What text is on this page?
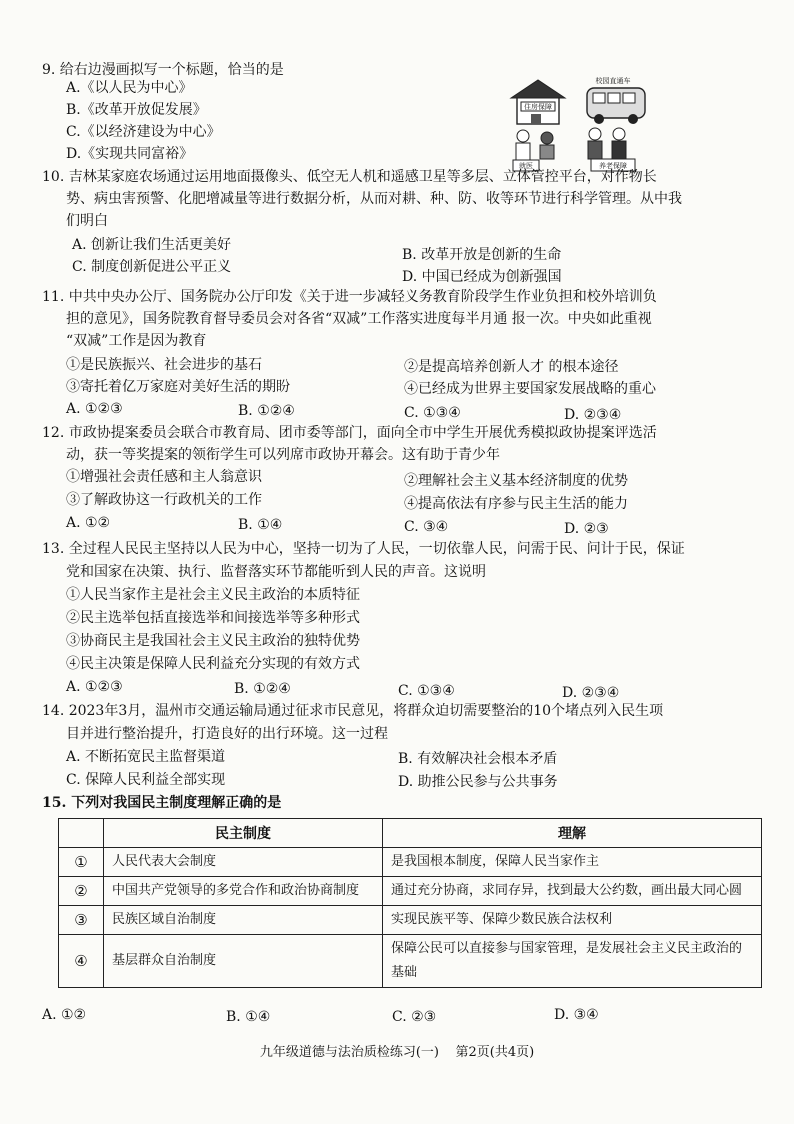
9. 给右边漫画拟写一个标题，恰当的是
A.《以人民为中心》
B.《改革开放促发展》
C.《以经济建设为中心》
D.《实现共同富裕》
住房保障
校园直通车
就医	养老保障
10. 吉林某家庭农场通过运用地面摄像头、低空无人机和遥感卫星等多层、立体管控平台，对作物长
势、病虫害预警、化肥增减量等进行数据分析，从而对耕、种、防、收等环节进行科学管理。从中我
们明白
A. 创新让我们生活更美好
B. 改革开放是创新的生命
C. 制度创新促进公平正义
D. 中国已经成为创新强国
11. 中共中央办公厅、国务院办公厅印发《关于进一步减轻义务教育阶段学生作业负担和校外培训负
担的意见》，国务院教育督导委员会对各省“双减”工作落实进度每半月通 报一次。中央如此重视
“双减”工作是因为教育
①是民族振兴、社会进步的基石	②是提高培养创新人才 的根本途径
③寄托着亿万家庭对美好生活的期盼	④已经成为世界主要国家发展战略的重心
A. ①②③	B. ①②④	C. ①③④	D. ②③④
12. 市政协提案委员会联合市教育局、团市委等部门，面向全市中学生开展优秀模拟政协提案评选活
动，获一等奖提案的领衔学生可以列席市政协开幕会。这有助于青少年
①增强社会责任感和主人翁意识	②理解社会主义基本经济制度的优势
③了解政协这一行政机关的工作	④提高依法有序参与民主生活的能力
A. ①②	B. ①④	C. ③④	D. ②③
13. 全过程人民民主坚持以人民为中心，坚持一切为了人民，一切依靠人民，问需于民、问计于民，保证
党和国家在决策、执行、监督落实环节都能听到人民的声音。这说明
①人民当家作主是社会主义民主政治的本质特征
②民主选举包括直接选举和间接选举等多种形式
③协商民主是我国社会主义民主政治的独特优势
④民主决策是保障人民利益充分实现的有效方式
A. ①②③	B. ①②④	C. ①③④	D. ②③④
14. 2023年3月，温州市交通运输局通过征求市民意见，将群众迫切需要整治的10个堵点列入民生项
目并进行整治提升，打造良好的出行环境。这一过程
A. 不断拓宽民主监督渠道	B. 有效解决社会根本矛盾
C. 保障人民利益全部实现	D. 助推公民参与公共事务
15. 下列对我国民主制度理解正确的是
	民主制度	理解
①	人民代表大会制度	是我国根本制度，保障人民当家作主
②	中国共产党领导的多党合作和政治协商制度	通过充分协商，求同存异，找到最大公约数，画出最大同心圆
③	民族区域自治制度	实现民族平等、保障少数民族合法权利
④	基层群众自治制度	保障公民可以直接参与国家管理，是发展社会主义民主政治的基础
A. ①②	B. ①④	C. ②③	D. ③④
九年级道德与法治质检练习(一)    第2页(共4页)
